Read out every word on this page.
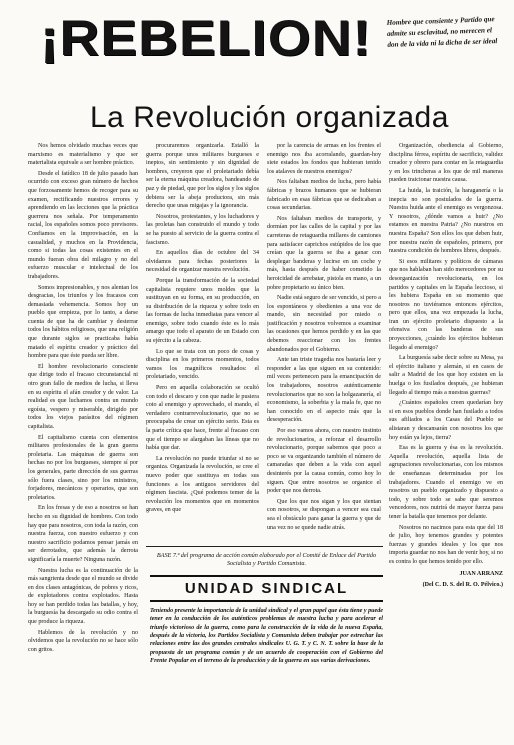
¡REBELION! Hombre que consiente y Partido que admite su esclavitud, no merecen el don de la vida ni la dicha de ser ideal
La Revolución organizada

Nos hemos olvidado muchas veces que marxismo es materialismo y que ser materialista equivale a ser hombre práctico.

Desde el fatídico 18 de julio pasado han ocurrido con exceso gran número de hechos que forzosamente hemos de recoger para su examen, rectificando nuestros errores y aprendiendo en las lecciones que la práctica guerrera nos señala. Por temperamento racial, los españoles somos poco previsores. Confiamos en la improvisación, en la casualidad, y muchos en la Providencia, como si todas las cosas existentes en el mundo fueran obra del milagro y no del esfuerzo muscular e intelectual de los trabajadores.

Somos impresionables, y nos alentan los desgracias, los triunfos y los fracasos con demasiada vehemencia. Somos hoy un pueblo que empieza, por lo tanto, a darse cuenta de que ha de cambiar y desterrar todos los hábitos religiosos, que una religión que durante siglos se practicaba había matado el espíritu creador y práctico del hombre para que éste pueda ser libre.

El hombre revolucionario consciente que dirige todo el fracaso circunstancial ni otro gran fallo de medios de lucha, si lleva en su espíritu el afán creador y de valor. La realidad es que luchamos contra un mundo egoísta, vespero y miserable, dirigido por todos los viejos parásitos del régimen capitalista.

El capitalismo cuenta con elementos militares profesionales de la gran guerra proletaria. Las máquinas de guerra son hechas no por los burgueses, siempre sí por los generales, parte dirección de sus guerras sólo fuera clases, sino por los ministros, forjadores, mecánicos y operarios, que son proletarios.

En los fresas y de eso a nosotros se han hecho en su dignidad de hombres. Con todo hay que para nosotros, con toda la razón, con nuestra fuerza, con nuestro esfuerzo y con nuestro sacrificio podamos pensar jamás en ser derrotados, que además la derrota significaría la muerte? Ninguna razón.

Nuestra lucha es la continuación de la más sangrienta desde que el mundo se divide en dos clases antagónicas, de pobres y ricos, de explotadores contra explotados. Hasta hoy se han perdido todas las batallas, y hoy, la burguesía ha descargado su odio contra el que produce la riqueza.

Hablemos de la revolución y no olvidemos que la revolución no se hace sólo con gritos.

procuraremos organizarla. Estalló la guerra porque unos militares burgueses e ineptos, sin sentimiento y sin dignidad de hombres, creyeron que el proletariado debía ser la eterna máquina creadora, bandeando de paz y de piedad, que por los siglos y los siglos debiera ser la abeja productora, sin más derecho que unas migajas y la ignorancia.

Nosotros, protestantes, y los luchadores y las proletas han construido el mundo y todo se ha puesto al servicio de la guerra contra el fascismo.

En aquellos días de octubre del 34 olvidamos para fechas posteriores la necesidad de organizar nuestra revolución.

Porque la transformación de la sociedad capitalista requiere unos moldes que la sustituyan en su forma, en su producción, en su distribución de la riqueza y sobre todo en las formas de lucha inmediatas para vencer al enemigo, sobre todo cuando éste es lo más amargo que todo el aparato de un Estado con su ejército a la cabeza.

Lo que se trata con un poco de cosas y disciplina en los primeros momentos, todos vamos los magníficos resultados: el proletariado, vencido.

Pero en aquella colaboración se ocultó con todo el descaro y con que nadie le pusiera coto al enemigo y aprovechado, el mando, el verdadero contrarrevolucionario, que no se preocupaba de crear un ejército serio. Esta es la parte crítica que hace, frente al fracaso con que el tiempo se alargaban las líneas que no había que dar.

La revolución no puede triunfar si no se organiza. Organizada la revolución, se cree el nuevo poder que sustituya en todas sus funciones a los antiguos servidores del régimen fascista. ¿Qué podemos temer de la revolución los momentos que en momentos graves, en que

por la carencia de armas en los frentes el enemigo nos iba acorralando, guardan-hoy siete estados los fondos que hubieran tenido los atalaves de nuestros enemigos?

Nos faltaban medios de lucha, pero había fábricas y brazos humanos que se hubieran fabricado en esas fábricas que se dedicaban a cosas secundarias.

Nos faltaban medios de transporte, y dormían por las calles de la capital y por las carreteras de retaguardia millares de camiones para satisfacer caprichos estúpidos de los que creían que la guerra se iba a ganar con desplegar banderas y lucirse en un coche y más, hasta después de haber cometido la heroicidad de arrebatar, pistola en mano, a un pobre propietario su único bien.

Nadie está seguro de ser vencido, si pero a los espontáneos y obedientes a una voz de mando, sin necesidad por miedo o justificación y nosotros volvemos a examinar las ocasiones que hemos perdido y en las que debemos reaccionar con los frentes abandonados por el Gobierno.

Ante tan triste tragedia nos bastaría leer y responder a las que siguen en su contenido: mil veces pertenecen para la emancipación de los trabajadores, nosotros auténticamente revolucionarios que no son la holgazanería, el economismo, la soberbia y la mala fe, que no han conocido en el aspecto más que la desesperación.

Por eso vamos ahora, con nuestro instinto de revolucionarios, a reforzar el desarrollo revolucionario, porque sabemos que poco a poco se va organizando también el número de camaradas que deben a la vida con aquel desinterés por la causa común, como hoy lo siguen. Que entre nosotros se organice el poder que nos derrota.

Que los que nos sigan y los que sientan con nosotros, se dispongan a vencer sea cual sea el obstáculo para ganar la guerra y que de una vez no se quede nadie atrás.

Organización, obediencia al Gobierno, disciplina férrea, espíritu de sacrificio, validez creador y obrero para contar en la retaguardia y en los trincheras a los que de mil maneras pueden traicionar nuestra causa.

La huida, la traición, la haraganería o la inepcia no son postulados de la guerra. Nuestra huida ante el enemigo es vergonzosa. Y nosotros, ¿dónde vamos a huir? ¿No estamos en nuestra Patria? ¿No nuestros en nuestra España? Son ellos los que deben huir, por nuestra razón de españoles, primero, por nuestra condición de hombres libres, después.

Si esos militares y políticos de cámaras que nos hablaban han sido merecedores por su desorganización revolucionaria, en los partidos y capitales en la España leccioso, si les hubiera España en su momento que nosotros no tuviéramos entonces ejércitos, pero que ellos, una vez empezada la lucha, iran un ejército proletario dispuesto a la ofensiva con las banderas de sus proyecciones, ¿cuándo los ejércitos hubieran llegado al enemigo?

La burguesía sabe decir sobre su Mesa, ya el ejército italiano y alemán, si en casos de salir a Madrid de los que hoy existen en la huelga o los fusilados después, ¿se hubieran llegado al tiempo más a nuestras guerras?

¿Cuántos españoles creen quedarían hoy si en esos pueblos donde han fusilado a todos sus afiliados a los Casas del Pueblo se alistaran y descansarán con nosotros los que hoy están ya lejos, tierra?

Esa es la guerra y ésa es la revolución. Aquella revolución, aquella lista de agrupaciones revolucionarias, con los mismos de enseñanzas determinadas por los trabajadores. Cuando el enemigo ve en nosotros un pueblo organizado y dispuesto a todo, y sobre todo se sabe que seremos vencedores, nos nutrirá de mayor fuerza para tener la batalla que tenemos por delante.

Nosotros no nacimos para esta que del 18 de julio, hoy tenemos grandes y potentes fuerzas y grandes ideales y los que nos importa guardar no nos han de venir hoy, si no es contra lo que hemos tenido por ello.

JUAN ARRANZ

(Del C. D. S. del R. O. Pélvico.)

BASE 7.ª del programa de acción común elaborado por el Comité de Enlace del Partido Socialista y Partido Comunista.

UNIDAD SINDICAL

Teniendo presente la importancia de la unidad sindical y el gran papel que ésta tiene y puede tener en la conducción de los auténticos problemas de nuestra lucha y para acelerar el triunfo victorioso de la guerra, como para la construcción de la vida de la nueva España, después de la victoria, los Partidos Socialista y Comunista deben trabajar por estrechar las relaciones entre las dos grandes centrales sindicales U. G. T. y C. N. T. sobre la base de la propuesta de un programa común y de un acuerdo de cooperación con el Gobierno del Frente Popular en el terreno de la producción y de la guerra en sus varias derivaciones.
